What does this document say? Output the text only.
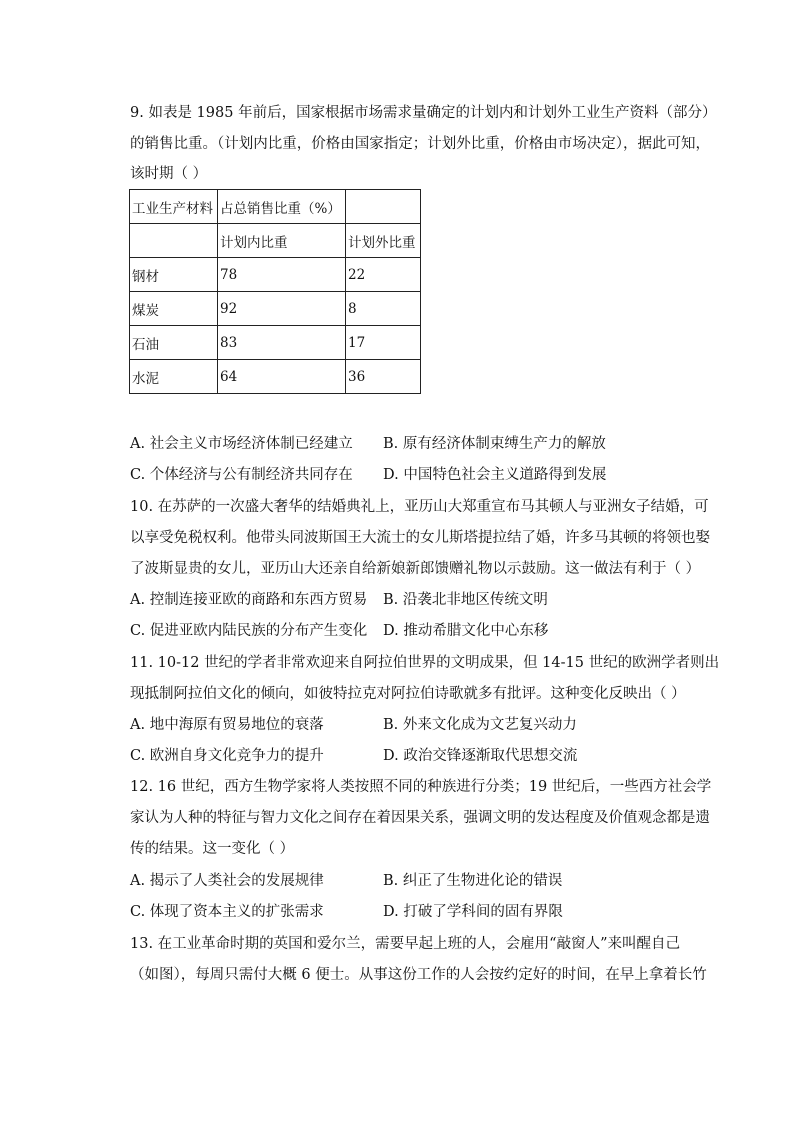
9. 如表是 1985 年前后，国家根据市场需求量确定的计划内和计划外工业生产资料（部分）
的销售比重。（计划内比重，价格由国家指定；计划外比重，价格由市场决定），据此可知，
该时期（ ）
工业生产材料	占总销售比重（%）	
	计划内比重	计划外比重
钢材	78	22
煤炭	92	8
石油	83	17
水泥	64	36
A. 社会主义市场经济体制已经建立 B. 原有经济体制束缚生产力的解放
C. 个体经济与公有制经济共同存在 D. 中国特色社会主义道路得到发展
10. 在苏萨的一次盛大奢华的结婚典礼上，亚历山大郑重宣布马其顿人与亚洲女子结婚，可
以享受免税权利。他带头同波斯国王大流士的女儿斯塔提拉结了婚，许多马其顿的将领也娶
了波斯显贵的女儿，亚历山大还亲自给新娘新郎馈赠礼物以示鼓励。这一做法有利于（ ）
A. 控制连接亚欧的商路和东西方贸易 B. 沿袭北非地区传统文明
C. 促进亚欧内陆民族的分布产生变化 D. 推动希腊文化中心东移
11. 10-12 世纪的学者非常欢迎来自阿拉伯世界的文明成果，但 14-15 世纪的欧洲学者则出
现抵制阿拉伯文化的倾向，如彼特拉克对阿拉伯诗歌就多有批评。这种变化反映出（ ）
A. 地中海原有贸易地位的衰落	B. 外来文化成为文艺复兴动力
C. 欧洲自身文化竞争力的提升	D. 政治交锋逐渐取代思想交流
12. 16 世纪，西方生物学家将人类按照不同的种族进行分类；19 世纪后，一些西方社会学
家认为人种的特征与智力文化之间存在着因果关系，强调文明的发达程度及价值观念都是遗
传的结果。这一变化（ ）
A. 揭示了人类社会的发展规律	B. 纠正了生物进化论的错误
C. 体现了资本主义的扩张需求	D. 打破了学科间的固有界限
13. 在工业革命时期的英国和爱尔兰，需要早起上班的人，会雇用“敲窗人”来叫醒自己
（如图），每周只需付大概 6 便士。从事这份工作的人会按约定好的时间，在早上拿着长竹
